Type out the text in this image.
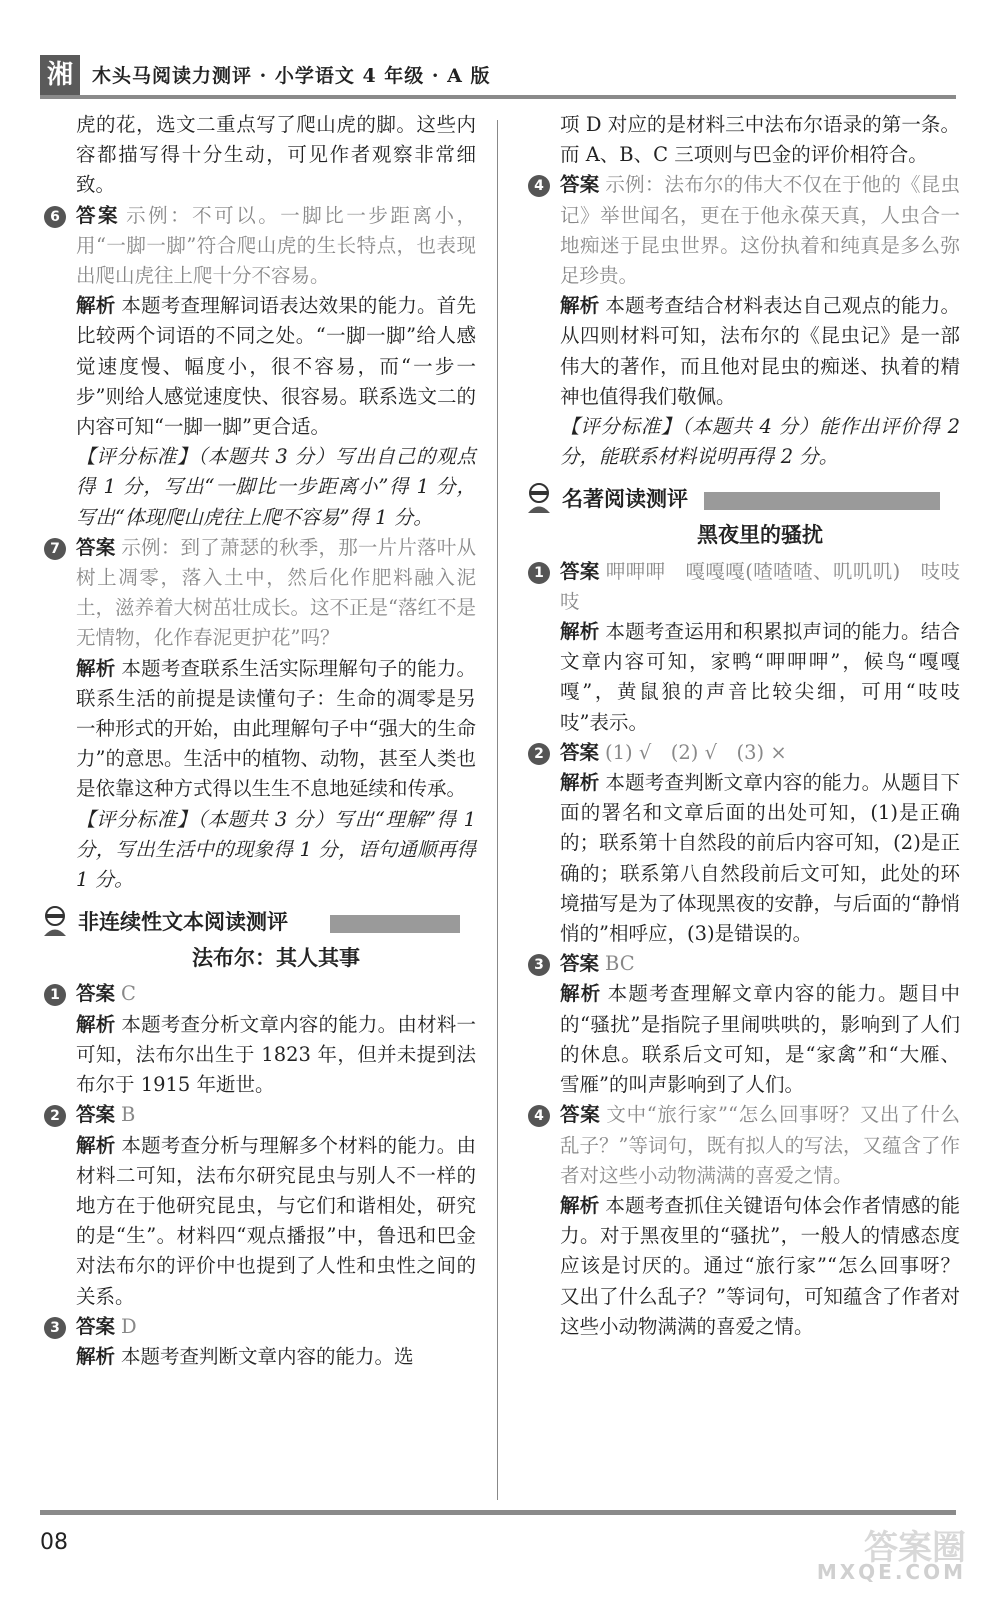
湘	木头马阅读力测评 · 小学语文 4 年级 · A 版

虎的花，选文二重点写了爬山虎的脚。这些内容都描写得十分生动，可见作者观察非常细致。

6 答案 示例：不可以。一脚比一步距离小，用“一脚一脚”符合爬山虎的生长特点，也表现出爬山虎往上爬十分不容易。

解析 本题考查理解词语表达效果的能力。首先比较两个词语的不同之处。“一脚一脚”给人感觉速度慢、幅度小，很不容易，而“一步一步”则给人感觉速度快、很容易。联系选文二的内容可知“一脚一脚”更合适。

【评分标准】（本题共 3 分）写出自己的观点得 1 分，写出“一脚比一步距离小”得 1 分，写出“体现爬山虎往上爬不容易”得 1 分。

7 答案 示例：到了萧瑟的秋季，那一片片落叶从树上凋零，落入土中，然后化作肥料融入泥土，滋养着大树茁壮成长。这不正是“落红不是无情物，化作春泥更护花”吗？

解析 本题考查联系生活实际理解句子的能力。联系生活的前提是读懂句子：生命的凋零是另一种形式的开始，由此理解句子中“强大的生命力”的意思。生活中的植物、动物，甚至人类也是依靠这种方式得以生生不息地延续和传承。

【评分标准】（本题共 3 分）写出“理解”得 1 分，写出生活中的现象得 1 分，语句通顺再得 1 分。

非连续性文本阅读测评
法布尔：其人其事
1 答案 C

解析 本题考查分析文章内容的能力。由材料一可知，法布尔出生于 1823 年，但并未提到法布尔于 1915 年逝世。

2 答案 B

解析 本题考查分析与理解多个材料的能力。由材料二可知，法布尔研究昆虫与别人不一样的地方在于他研究昆虫，与它们和谐相处，研究的是“生”。材料四“观点播报”中，鲁迅和巴金对法布尔的评价中也提到了人性和虫性之间的关系。

3 答案 D

解析 本题考查判断文章内容的能力。选

项 D 对应的是材料三中法布尔语录的第一条。而 A、B、C 三项则与巴金的评价相符合。

4 答案 示例：法布尔的伟大不仅在于他的《昆虫记》举世闻名，更在于他永葆天真，人虫合一地痴迷于昆虫世界。这份执着和纯真是多么弥足珍贵。

解析 本题考查结合材料表达自己观点的能力。从四则材料可知，法布尔的《昆虫记》是一部伟大的著作，而且他对昆虫的痴迷、执着的精神也值得我们敬佩。

【评分标准】（本题共 4 分）能作出评价得 2 分，能联系材料说明再得 2 分。

名著阅读测评
黑夜里的骚扰
1 答案 呷呷呷　嘎嘎嘎(喳喳喳、叽叽叽)　吱吱吱

解析 本题考查运用和积累拟声词的能力。结合文章内容可知，家鸭“呷呷呷”，候鸟“嘎嘎嘎”，黄鼠狼的声音比较尖细，可用“吱吱吱”表示。

2 答案 (1) √　(2) √　(3) ×

解析 本题考查判断文章内容的能力。从题目下面的署名和文章后面的出处可知，(1)是正确的；联系第十自然段的前后内容可知，(2)是正确的；联系第八自然段前后文可知，此处的环境描写是为了体现黑夜的安静，与后面的“静悄悄的”相呼应，(3)是错误的。

3 答案 BC

解析 本题考查理解文章内容的能力。题目中的“骚扰”是指院子里闹哄哄的，影响到了人们的休息。联系后文可知，是“家禽”和“大雁、雪雁”的叫声影响到了人们。

4 答案 文中“旅行家”“怎么回事呀？又出了什么乱子？”等词句，既有拟人的写法，又蕴含了作者对这些小动物满满的喜爱之情。

解析 本题考查抓住关键语句体会作者情感的能力。对于黑夜里的“骚扰”，一般人的情感态度应该是讨厌的。通过“旅行家”“怎么回事呀？又出了什么乱子？”等词句，可知蕴含了作者对这些小动物满满的喜爱之情。

08	答案圈
MXQE.COM
